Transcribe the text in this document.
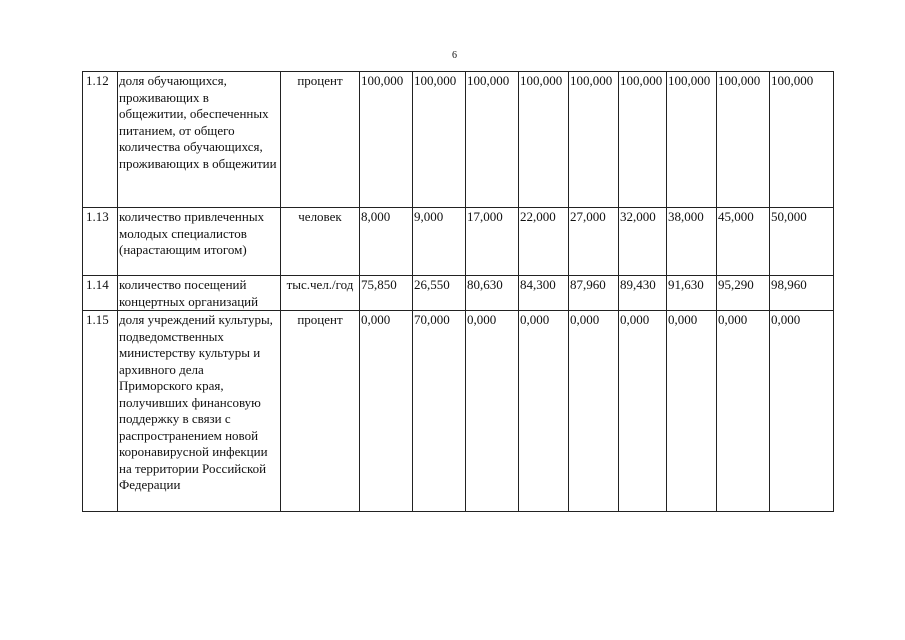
6
1.12	доля обучающихся, проживающих в общежитии, обеспеченных питанием, от общего количества обучающихся, проживающих в общежитии	процент	100,000	100,000	100,000	100,000	100,000	100,000	100,000	100,000	100,000
1.13	количество привлеченных молодых специалистов (нарастающим итогом)	человек	8,000	9,000	17,000	22,000	27,000	32,000	38,000	45,000	50,000
1.14	количество посещений концертных организаций	тыс.чел./год	75,850	26,550	80,630	84,300	87,960	89,430	91,630	95,290	98,960
1.15	доля учреждений культуры, подведомственных министерству культуры и архивного дела Приморского края, получивших финансовую поддержку в связи с распространением новой коронавирусной инфекции на территории Российской Федерации	процент	0,000	70,000	0,000	0,000	0,000	0,000	0,000	0,000	0,000
